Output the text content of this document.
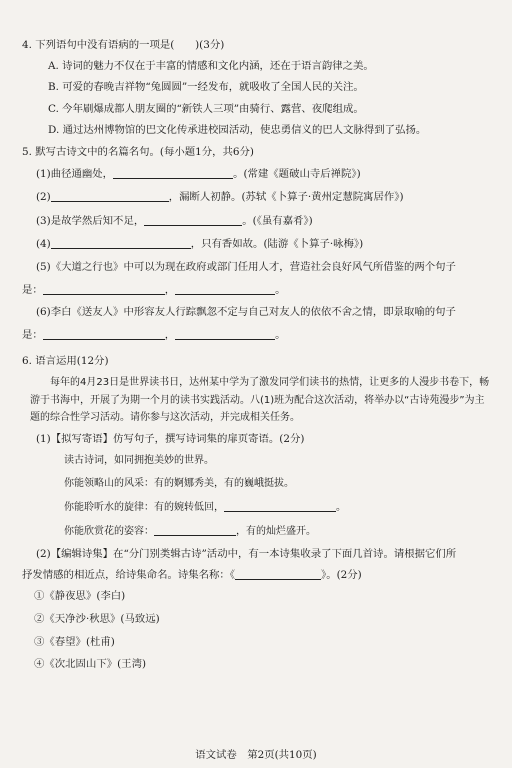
4. 下列语句中没有语病的一项是(　　)(3分)
A. 诗词的魅力不仅在于丰富的情感和文化内涵，还在于语言韵律之美。
B. 可爱的春晚吉祥物“兔圆圆”一经发布，就吸收了全国人民的关注。
C. 今年刷爆成都人朋友圈的“新铁人三项”由骑行、露营、夜爬组成。
D. 通过达州博物馆的巴文化传承进校园活动，使忠勇信义的巴人文脉得到了弘扬。
5. 默写古诗文中的名篇名句。(每小题1分，共6分)
(1)曲径通幽处，	。(常建《题破山寺后禅院》)
(2)	，漏断人初静。(苏轼《卜算子·黄州定慧院寓居作》)
(3)是故学然后知不足，	。(《虽有嘉肴》)
(4)	，只有香如故。(陆游《卜算子·咏梅》)
(5)《大道之行也》中可以为现在政府或部门任用人才，营造社会良好风气所借鉴的两个句子
是：	，	。
(6)李白《送友人》中形容友人行踪飘忽不定与自己对友人的依依不舍之情，即景取喻的句子
是：	，	。
6. 语言运用(12分)
每年的4月23日是世界读书日，达州某中学为了激发同学们读书的热情，让更多的人漫步书卷下，畅游于书海中，开展了为期一个月的读书实践活动。八(1)班为配合这次活动，将举办以“古诗苑漫步”为主题的综合性学习活动。请你参与这次活动，并完成相关任务。
(1)【拟写寄语】仿写句子，撰写诗词集的扉页寄语。(2分)
读古诗词，如同拥抱美妙的世界。
你能领略山的风采：有的婀娜秀美，有的巍峨挺拔。
你能聆听水的旋律：有的婉转低回，	。
你能欣赏花的姿容：	，有的灿烂盛开。
(2)【编辑诗集】在“分门别类辑古诗”活动中，有一本诗集收录了下面几首诗。请根据它们所
抒发情感的相近点，给诗集命名。诗集名称：《	》。(2分)
①《静夜思》(李白)
②《天净沙·秋思》(马致远)
③《春望》(杜甫)
④《次北固山下》(王湾)
语文试卷　第2页(共10页)
